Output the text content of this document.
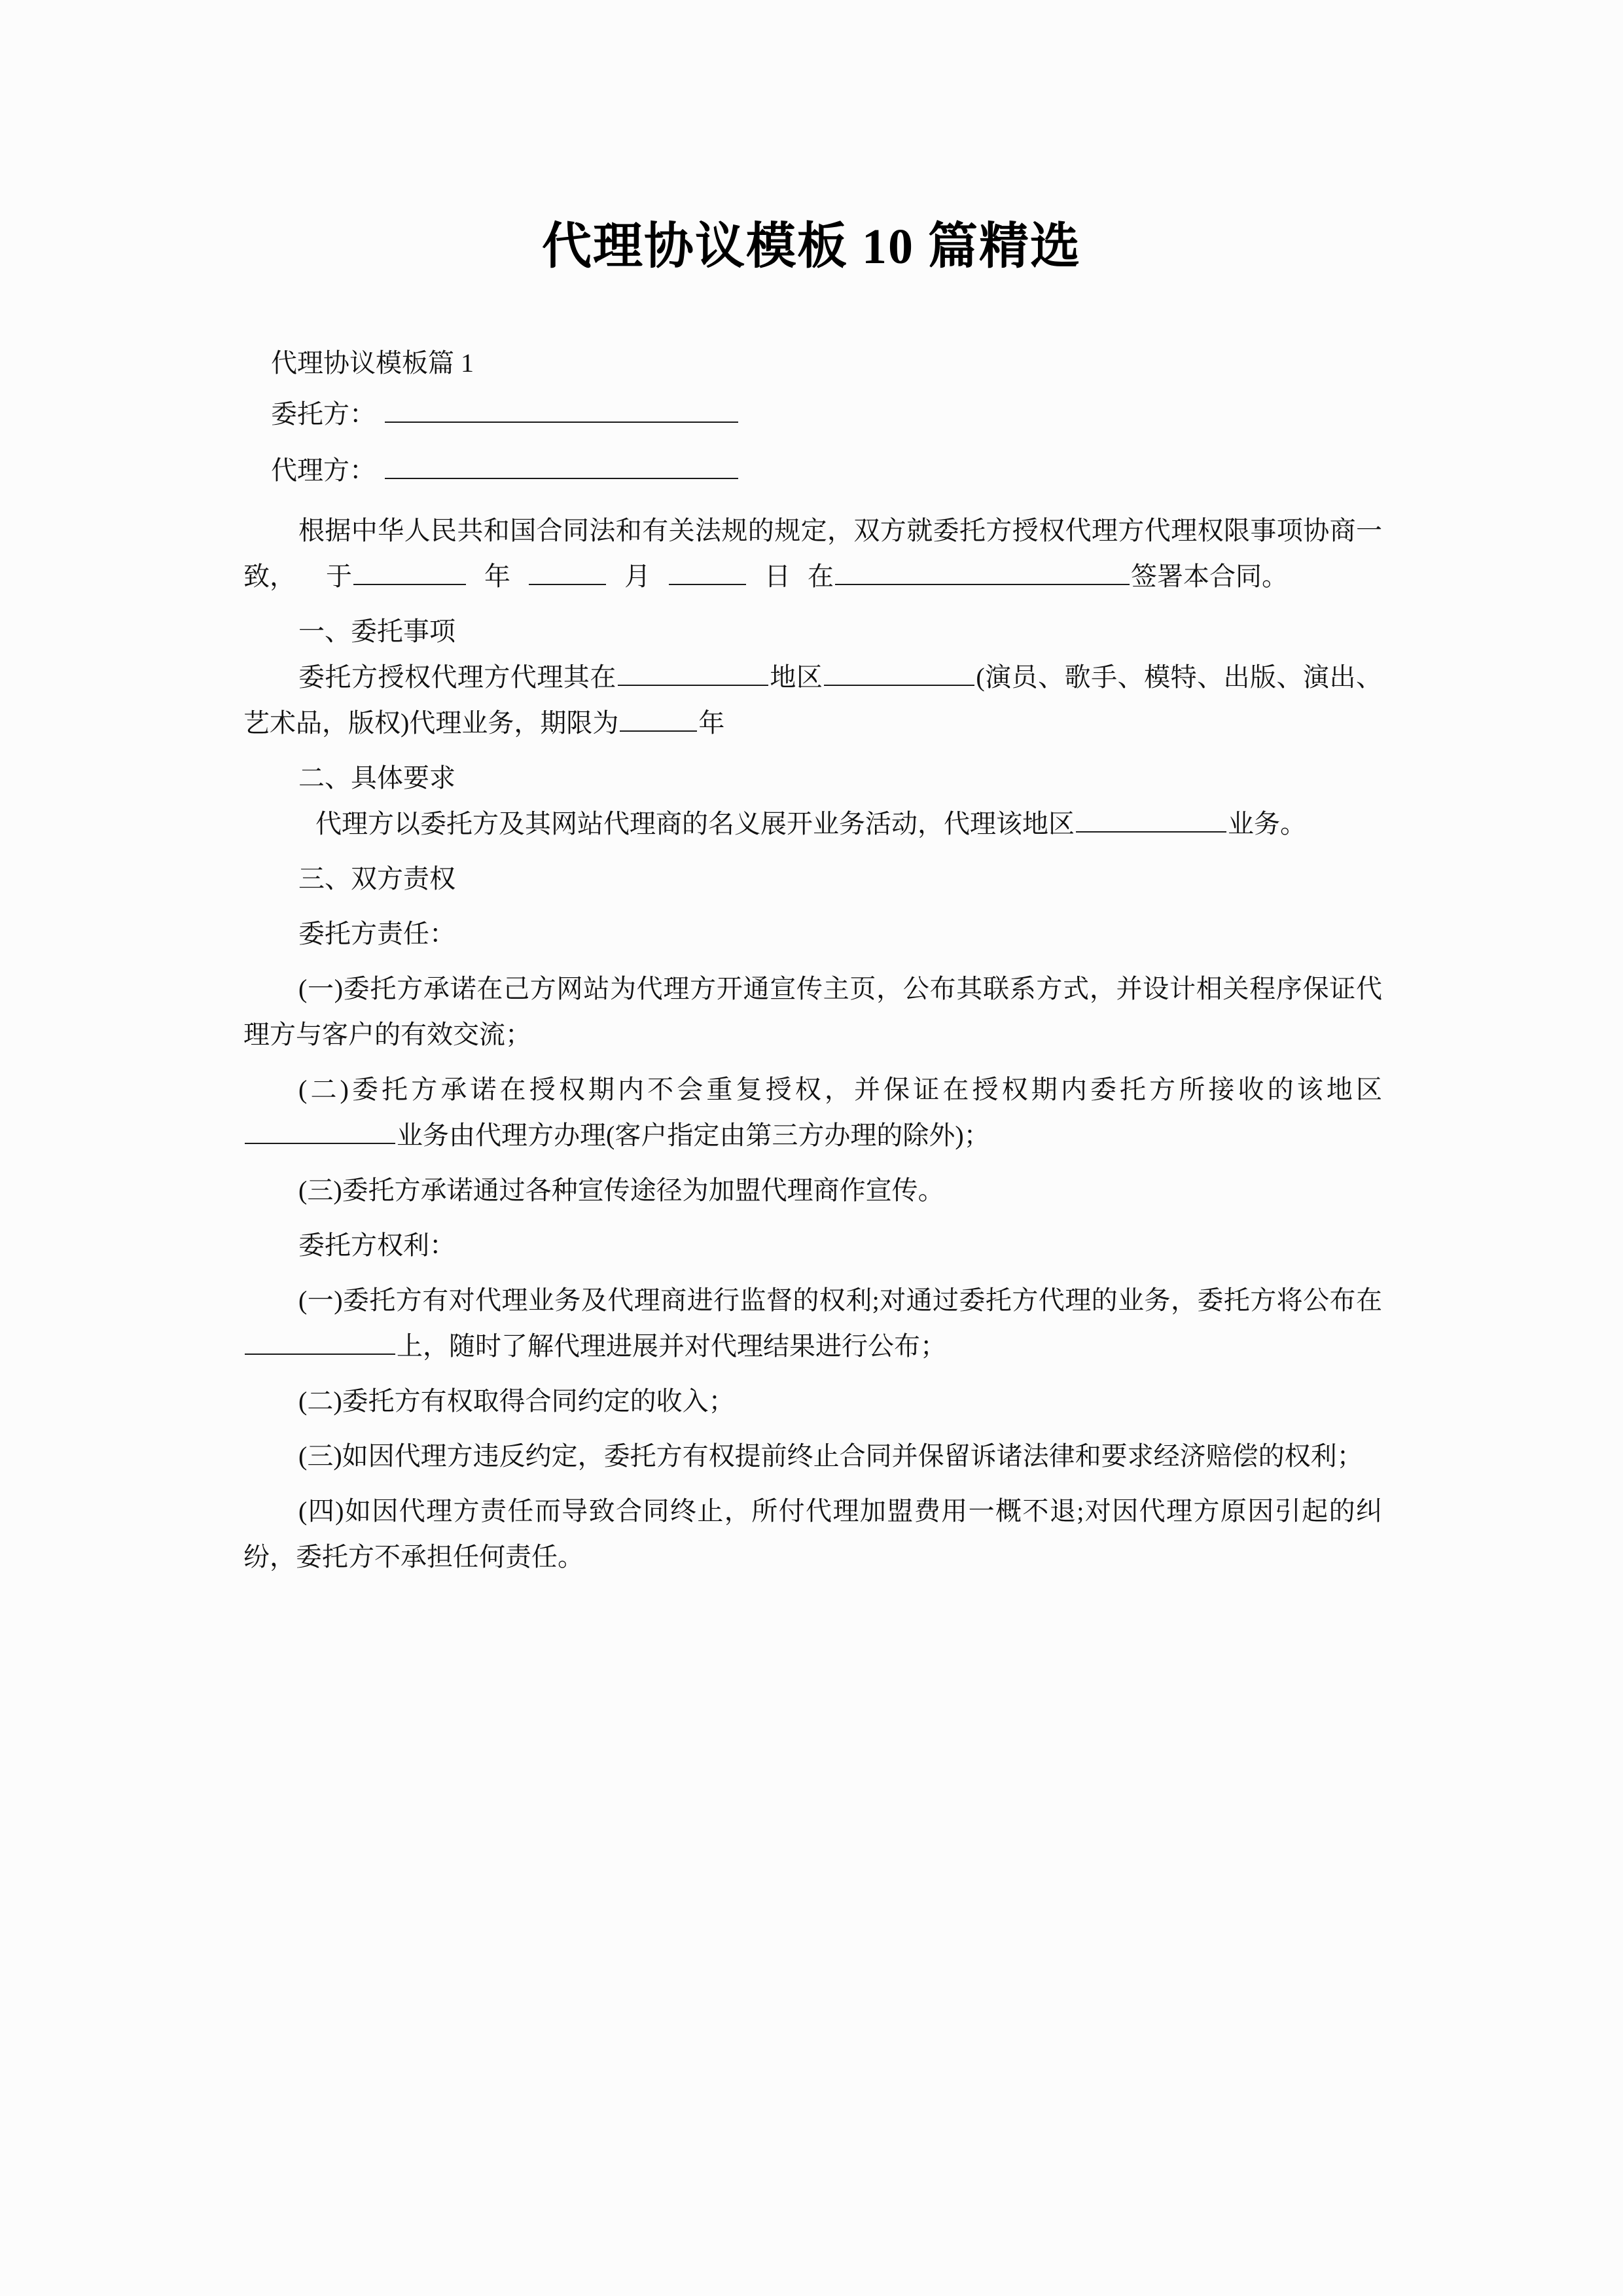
代理协议模板 10 篇精选

代理协议模板篇 1

委托方：
代理方：

根据中华人民共和国合同法和有关法规的规定，双方就委托方授权代理方代理权限事项协商一致， 于	年	月	日 在	签署本合同。

一、委托事项

委托方授权代理方代理其在	地区	(演员、歌手、模特、出版、演出、艺术品，版权)代理业务，期限为	年

二、具体要求

代理方以委托方及其网站代理商的名义展开业务活动，代理该地区	业务。

三、双方责权

委托方责任：

(一)委托方承诺在己方网站为代理方开通宣传主页，公布其联系方式，并设计相关程序保证代理方与客户的有效交流；

(二)委托方承诺在授权期内不会重复授权，并保证在授权期内委托方所接收的该地区业务由代理方办理(客户指定由第三方办理的除外)；

(三)委托方承诺通过各种宣传途径为加盟代理商作宣传。

委托方权利：

(一)委托方有对代理业务及代理商进行监督的权利;对通过委托方代理的业务，委托方将公布在上，随时了解代理进展并对代理结果进行公布；

(二)委托方有权取得合同约定的收入；

(三)如因代理方违反约定，委托方有权提前终止合同并保留诉诸法律和要求经济赔偿的权利；

(四)如因代理方责任而导致合同终止，所付代理加盟费用一概不退;对因代理方原因引起的纠纷，委托方不承担任何责任。
